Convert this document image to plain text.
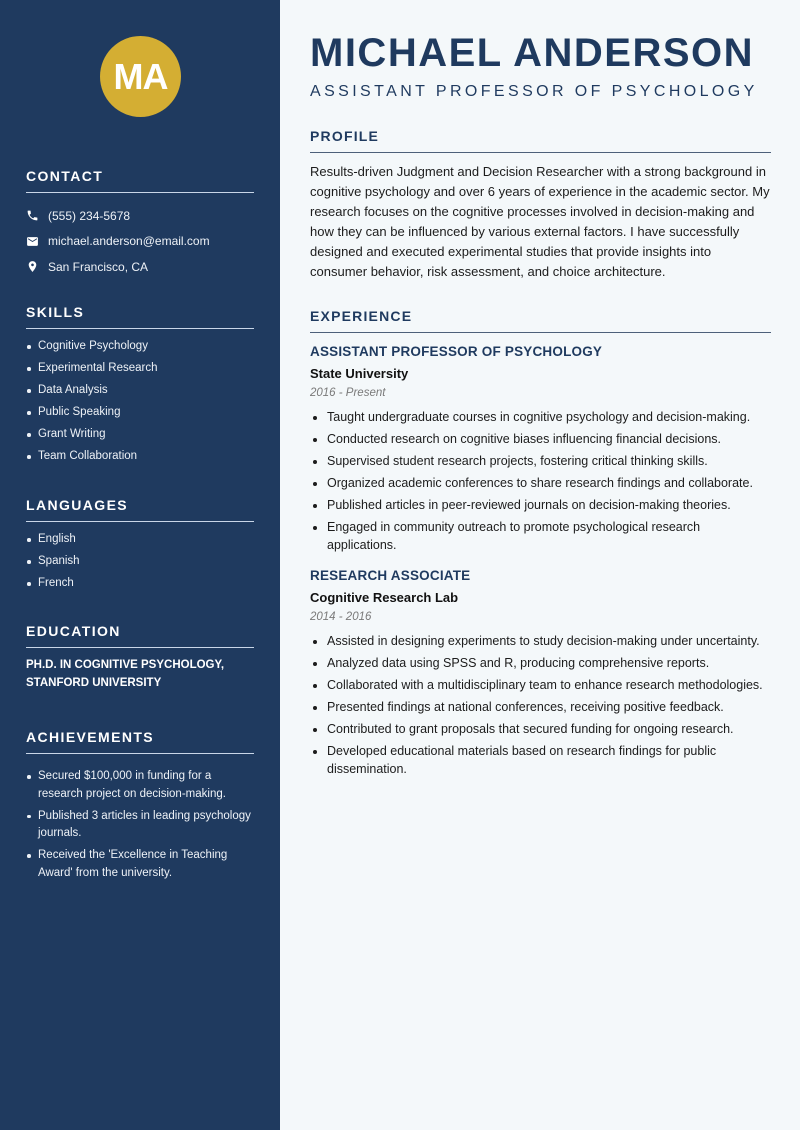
MA
CONTACT
(555) 234-5678
michael.anderson@email.com
San Francisco, CA
SKILLS
Cognitive Psychology
Experimental Research
Data Analysis
Public Speaking
Grant Writing
Team Collaboration
LANGUAGES
English
Spanish
French
EDUCATION
PH.D. IN COGNITIVE PSYCHOLOGY,
STANFORD UNIVERSITY
ACHIEVEMENTS
Secured $100,000 in funding for a research project on decision-making.
Published 3 articles in leading psychology journals.
Received the 'Excellence in Teaching Award' from the university.
MICHAEL ANDERSON
ASSISTANT PROFESSOR OF PSYCHOLOGY
PROFILE

Results-driven Judgment and Decision Researcher with a strong background in cognitive psychology and over 6 years of experience in the academic sector. My research focuses on the cognitive processes involved in decision-making and how they can be influenced by various external factors. I have successfully designed and executed experimental studies that provide insights into consumer behavior, risk assessment, and choice architecture.

EXPERIENCE
ASSISTANT PROFESSOR OF PSYCHOLOGY
State University
2016 - Present
Taught undergraduate courses in cognitive psychology and decision-making.
Conducted research on cognitive biases influencing financial decisions.
Supervised student research projects, fostering critical thinking skills.
Organized academic conferences to share research findings and collaborate.
Published articles in peer-reviewed journals on decision-making theories.
Engaged in community outreach to promote psychological research applications.
RESEARCH ASSOCIATE
Cognitive Research Lab
2014 - 2016
Assisted in designing experiments to study decision-making under uncertainty.
Analyzed data using SPSS and R, producing comprehensive reports.
Collaborated with a multidisciplinary team to enhance research methodologies.
Presented findings at national conferences, receiving positive feedback.
Contributed to grant proposals that secured funding for ongoing research.
Developed educational materials based on research findings for public dissemination.
